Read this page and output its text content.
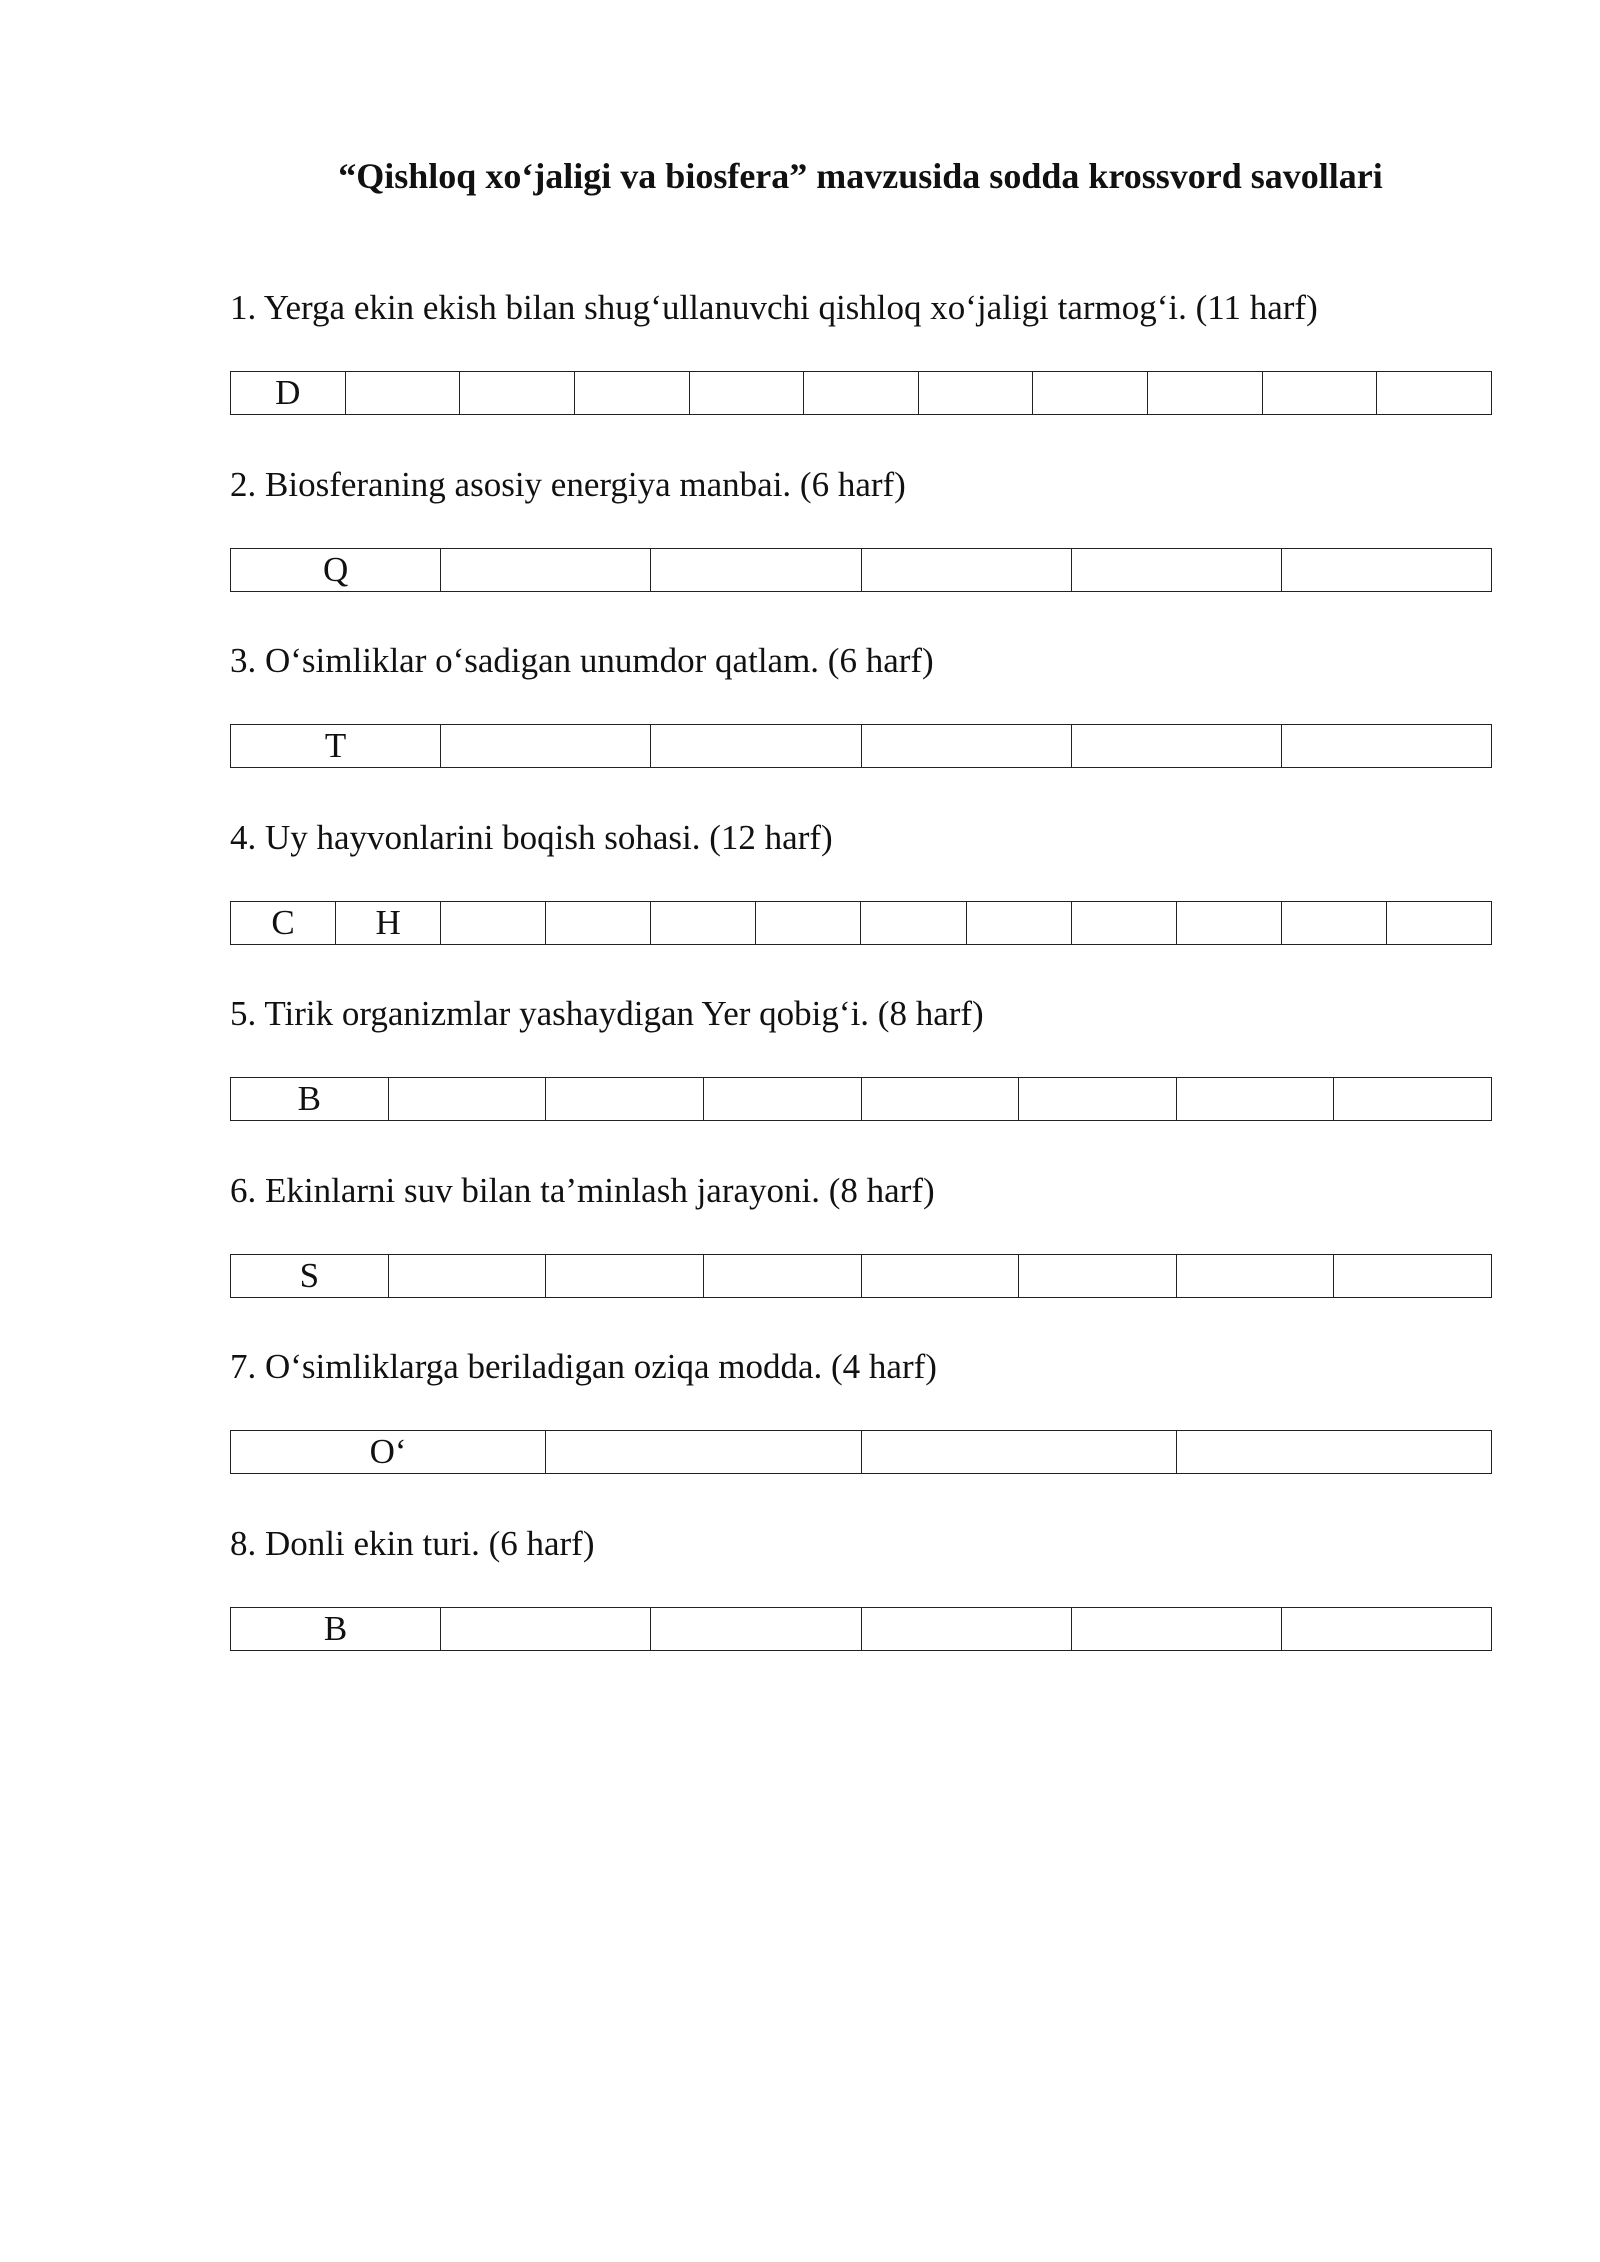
“Qishloq xo‘jaligi va biosfera” mavzusida sodda krossvord savollari
1. Yerga ekin ekish bilan shug‘ullanuvchi qishloq xo‘jaligi tarmog‘i. (11 harf)
D
2. Biosferaning asosiy energiya manbai. (6 harf)
Q
3. O‘simliklar o‘sadigan unumdor qatlam. (6 harf)
T
4. Uy hayvonlarini boqish sohasi. (12 harf)
C	H
5. Tirik organizmlar yashaydigan Yer qobig‘i. (8 harf)
B
6. Ekinlarni suv bilan ta’minlash jarayoni. (8 harf)
S
7. O‘simliklarga beriladigan oziqa modda. (4 harf)
O‘
8. Donli ekin turi. (6 harf)
B
